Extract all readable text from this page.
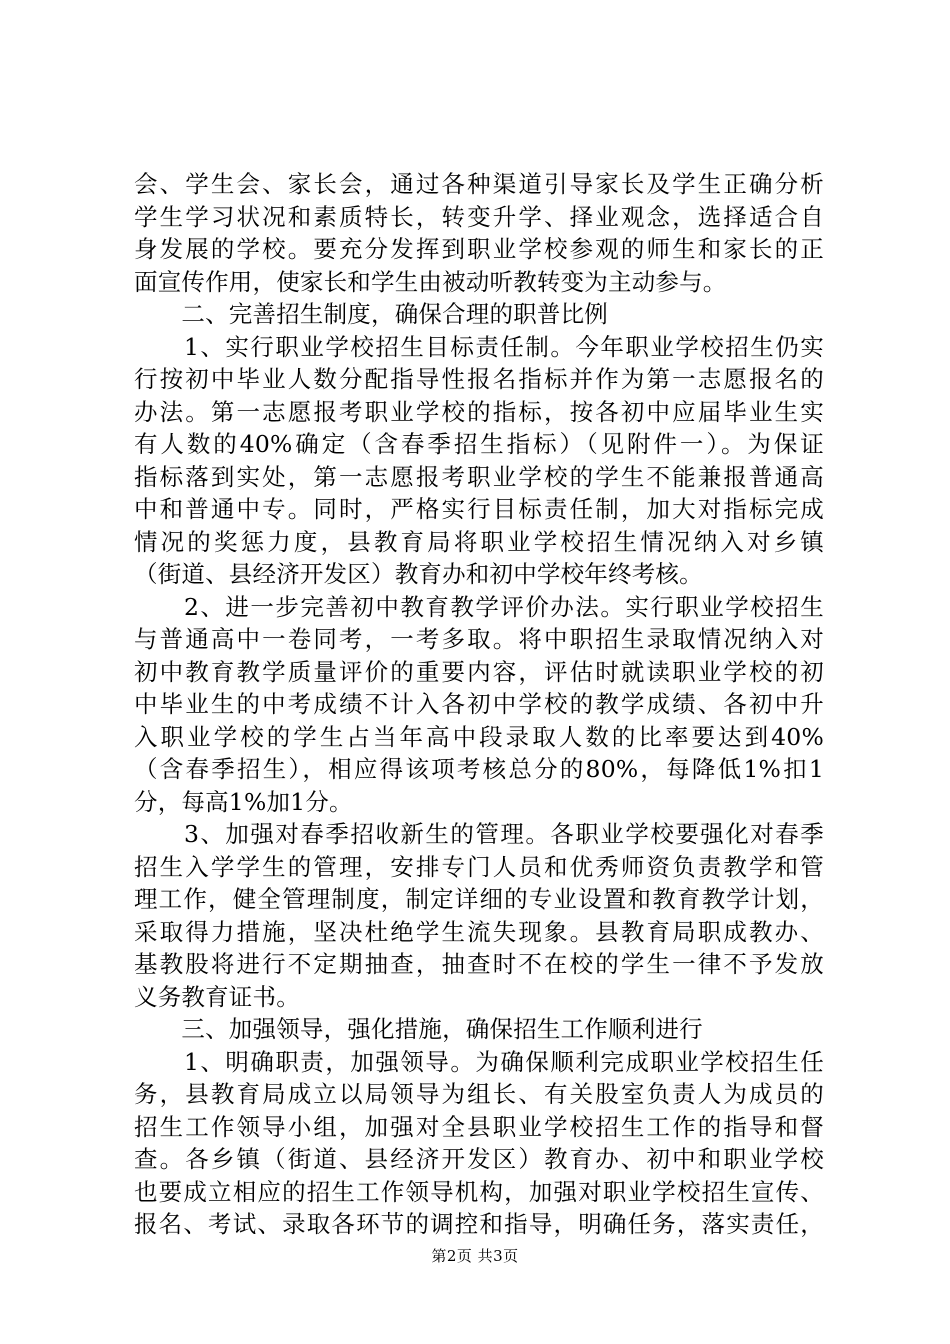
会、学生会、家长会，通过各种渠道引导家长及学生正确分析
学生学习状况和素质特长，转变升学、择业观念，选择适合自
身发展的学校。要充分发挥到职业学校参观的师生和家长的正
面宣传作用，使家长和学生由被动听教转变为主动参与。
　　二、完善招生制度，确保合理的职普比例
　　1、实行职业学校招生目标责任制。今年职业学校招生仍实
行按初中毕业人数分配指导性报名指标并作为第一志愿报名的
办法。第一志愿报考职业学校的指标，按各初中应届毕业生实
有人数的40%确定（含春季招生指标）（见附件一）。为保证
指标落到实处，第一志愿报考职业学校的学生不能兼报普通高
中和普通中专。同时，严格实行目标责任制，加大对指标完成
情况的奖惩力度，县教育局将职业学校招生情况纳入对乡镇
（街道、县经济开发区）教育办和初中学校年终考核。
　　2、进一步完善初中教育教学评价办法。实行职业学校招生
与普通高中一卷同考，一考多取。将中职招生录取情况纳入对
初中教育教学质量评价的重要内容，评估时就读职业学校的初
中毕业生的中考成绩不计入各初中学校的教学成绩、各初中升
入职业学校的学生占当年高中段录取人数的比率要达到40%
（含春季招生），相应得该项考核总分的80%，每降低1%扣1
分，每高1%加1分。
　　3、加强对春季招收新生的管理。各职业学校要强化对春季
招生入学学生的管理，安排专门人员和优秀师资负责教学和管
理工作，健全管理制度，制定详细的专业设置和教育教学计划，
采取得力措施，坚决杜绝学生流失现象。县教育局职成教办、
基教股将进行不定期抽查，抽查时不在校的学生一律不予发放
义务教育证书。
　　三、加强领导，强化措施，确保招生工作顺利进行
　　1、明确职责，加强领导。为确保顺利完成职业学校招生任
务，县教育局成立以局领导为组长、有关股室负责人为成员的
招生工作领导小组，加强对全县职业学校招生工作的指导和督
查。各乡镇（街道、县经济开发区）教育办、初中和职业学校
也要成立相应的招生工作领导机构，加强对职业学校招生宣传、
报名、考试、录取各环节的调控和指导，明确任务，落实责任，
第2页 共3页
